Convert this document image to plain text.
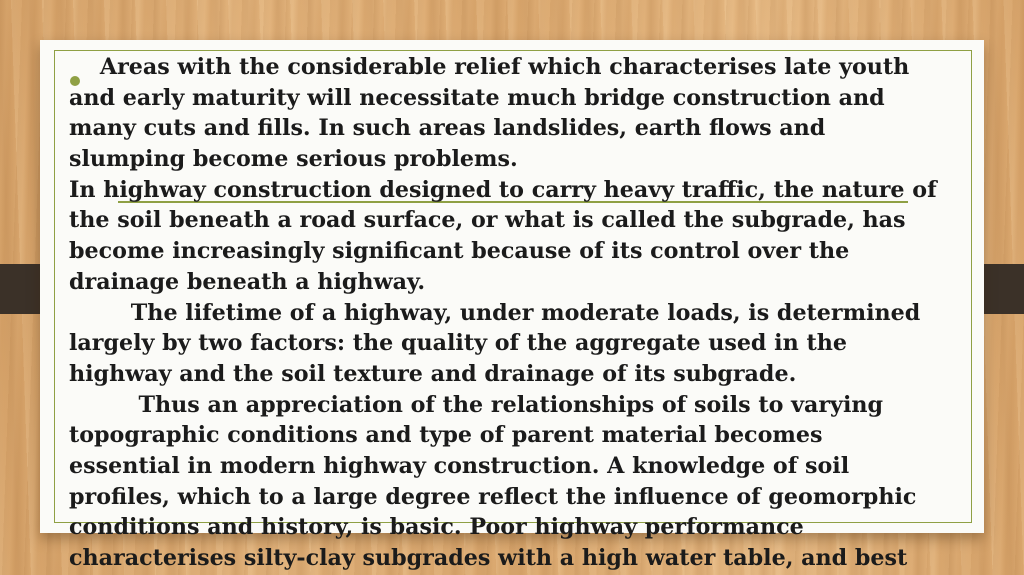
Areas with the considerable relief which characterises late youth
and early maturity will necessitate much bridge construction and
many cuts and fills. In such areas landslides, earth flows and
slumping become serious problems.
In highway construction designed to carry heavy traffic, the nature of
the soil beneath a road surface, or what is called the subgrade, has
become increasingly significant because of its control over the
drainage beneath a highway.
The lifetime of a highway, under moderate loads, is determined
largely by two factors: the quality of the aggregate used in the
highway and the soil texture and drainage of its subgrade.
Thus an appreciation of the relationships of soils to varying
topographic conditions and type of parent material becomes
essential in modern highway construction. A knowledge of soil
profiles, which to a large degree reflect the influence of geomorphic
conditions and history, is basic. Poor highway performance
characterises silty-clay subgrades with a high water table, and best
